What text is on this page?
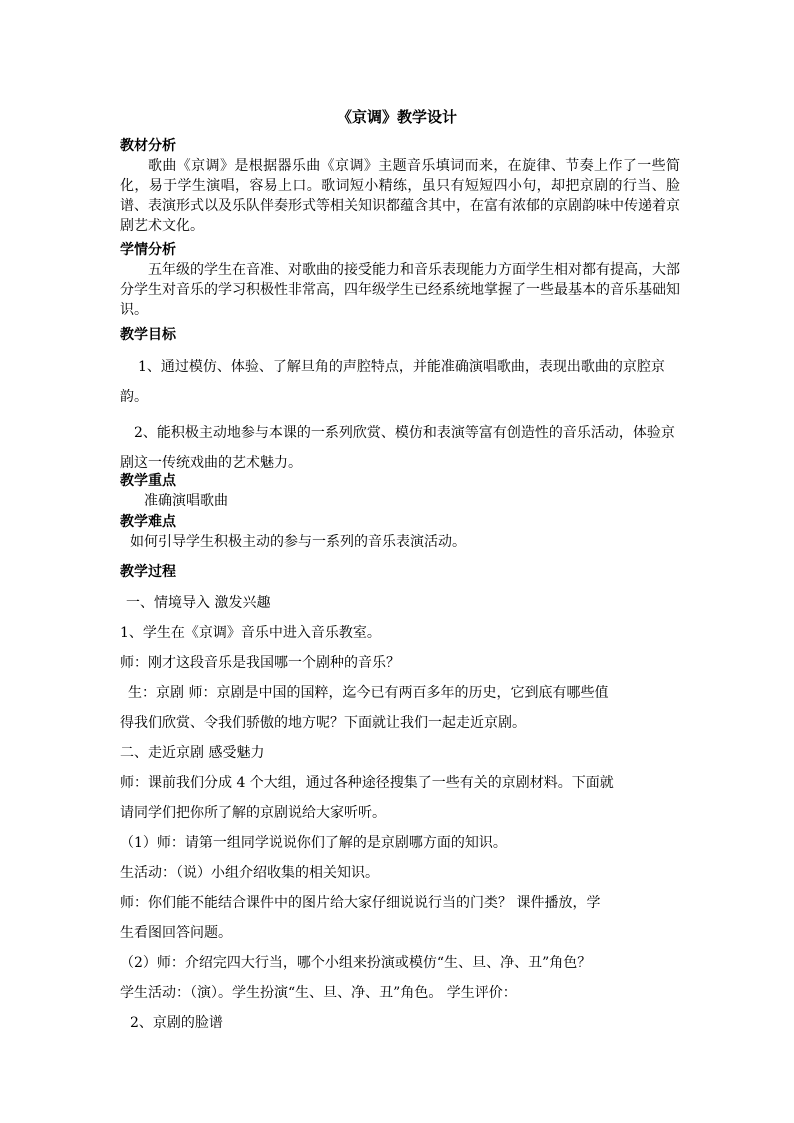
《京调》教学设计
教材分析
歌曲《京调》是根据器乐曲《京调》主题音乐填词而来，在旋律、节奏上作了一些简化，易于学生演唱，容易上口。歌词短小精练，虽只有短短四小句，却把京剧的行当、脸谱、表演形式以及乐队伴奏形式等相关知识都蕴含其中，在富有浓郁的京剧韵味中传递着京剧艺术文化。
学情分析
五年级的学生在音准、对歌曲的接受能力和音乐表现能力方面学生相对都有提高，大部分学生对音乐的学习积极性非常高，四年级学生已经系统地掌握了一些最基本的音乐基础知识。
教学目标
1、通过模仿、体验、了解旦角的声腔特点，并能准确演唱歌曲，表现出歌曲的京腔京韵。
2、能积极主动地参与本课的一系列欣赏、模仿和表演等富有创造性的音乐活动，体验京剧这一传统戏曲的艺术魅力。
教学重点
准确演唱歌曲
教学难点
如何引导学生积极主动的参与一系列的音乐表演活动。
教学过程
一、情境导入 激发兴趣
1、学生在《京调》音乐中进入音乐教室。
师：刚才这段音乐是我国哪一个剧种的音乐？
生：京剧 师：京剧是中国的国粹，迄今已有两百多年的历史，它到底有哪些值
得我们欣赏、令我们骄傲的地方呢？下面就让我们一起走近京剧。
二、走近京剧 感受魅力
师：课前我们分成 4 个大组，通过各种途径搜集了一些有关的京剧材料。下面就
请同学们把你所了解的京剧说给大家听听。
（1）师：请第一组同学说说你们了解的是京剧哪方面的知识。
生活动：（说）小组介绍收集的相关知识。
师：你们能不能结合课件中的图片给大家仔细说说行当的门类？ 课件播放，学
生看图回答问题。
（2）师：介绍完四大行当，哪个小组来扮演或模仿“生、旦、净、丑”角色？
学生活动：（演）。学生扮演“生、旦、净、丑”角色。 学生评价：
2、京剧的脸谱
